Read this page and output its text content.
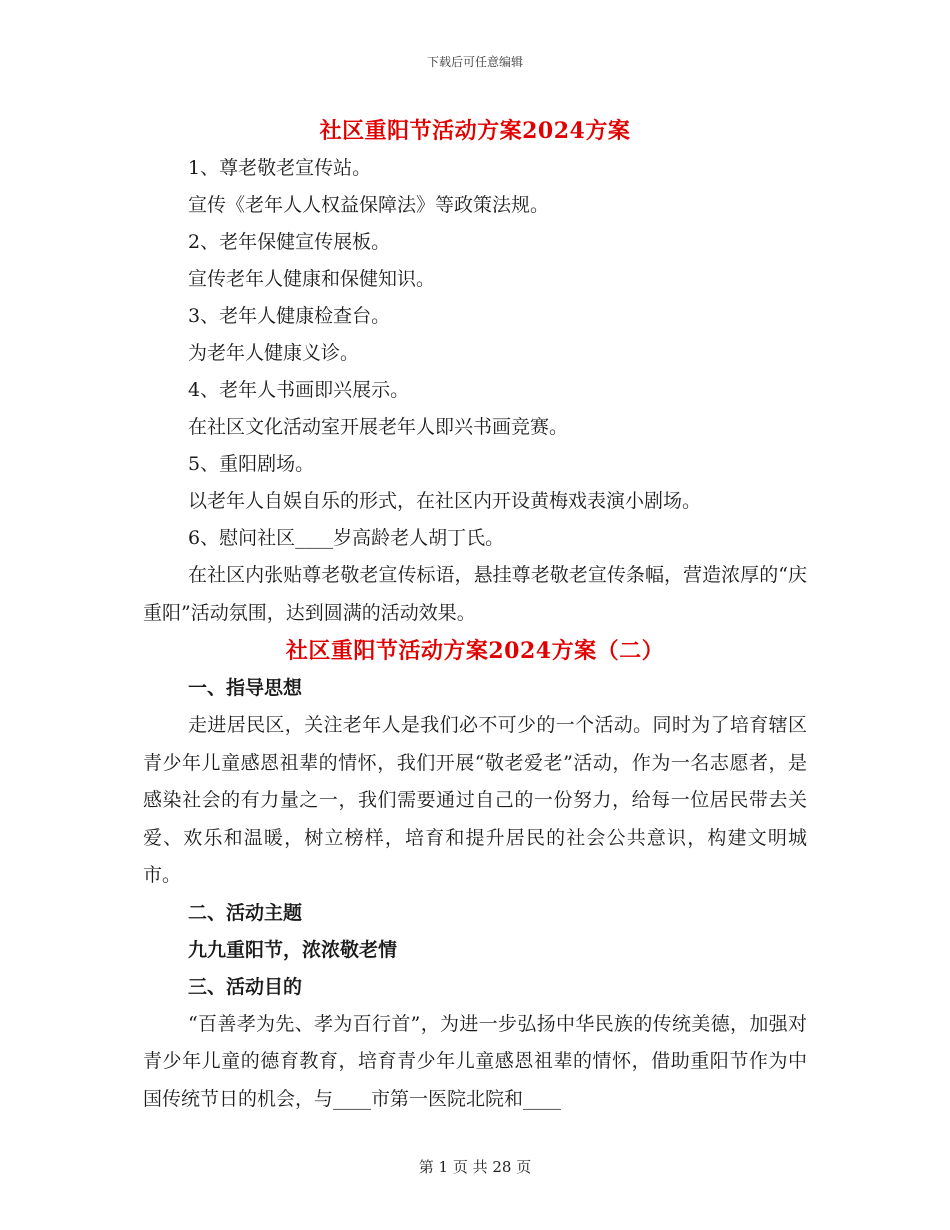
下载后可任意编辑
社区重阳节活动方案2024方案
1、尊老敬老宣传站。
宣传《老年人人权益保障法》等政策法规。
2、老年保健宣传展板。
宣传老年人健康和保健知识。
3、老年人健康检查台。
为老年人健康义诊。
4、老年人书画即兴展示。
在社区文化活动室开展老年人即兴书画竞赛。
5、重阳剧场。
以老年人自娱自乐的形式，在社区内开设黄梅戏表演小剧场。
6、慰问社区____岁高龄老人胡丁氏。

在社区内张贴尊老敬老宣传标语，悬挂尊老敬老宣传条幅，营造浓厚的“庆重阳”活动氛围，达到圆满的活动效果。

社区重阳节活动方案2024方案（二）
一、指导思想

走进居民区，关注老年人是我们必不可少的一个活动。同时为了培育辖区青少年儿童感恩祖辈的情怀，我们开展“敬老爱老”活动，作为一名志愿者，是感染社会的有力量之一，我们需要通过自己的一份努力，给每一位居民带去关爱、欢乐和温暖，树立榜样，培育和提升居民的社会公共意识，构建文明城市。

二、活动主题
九九重阳节，浓浓敬老情
三、活动目的

“百善孝为先、孝为百行首”，为进一步弘扬中华民族的传统美德，加强对青少年儿童的德育教育，培育青少年儿童感恩祖辈的情怀，借助重阳节作为中国传统节日的机会，与____市第一医院北院和____

第 1 页 共 28 页
